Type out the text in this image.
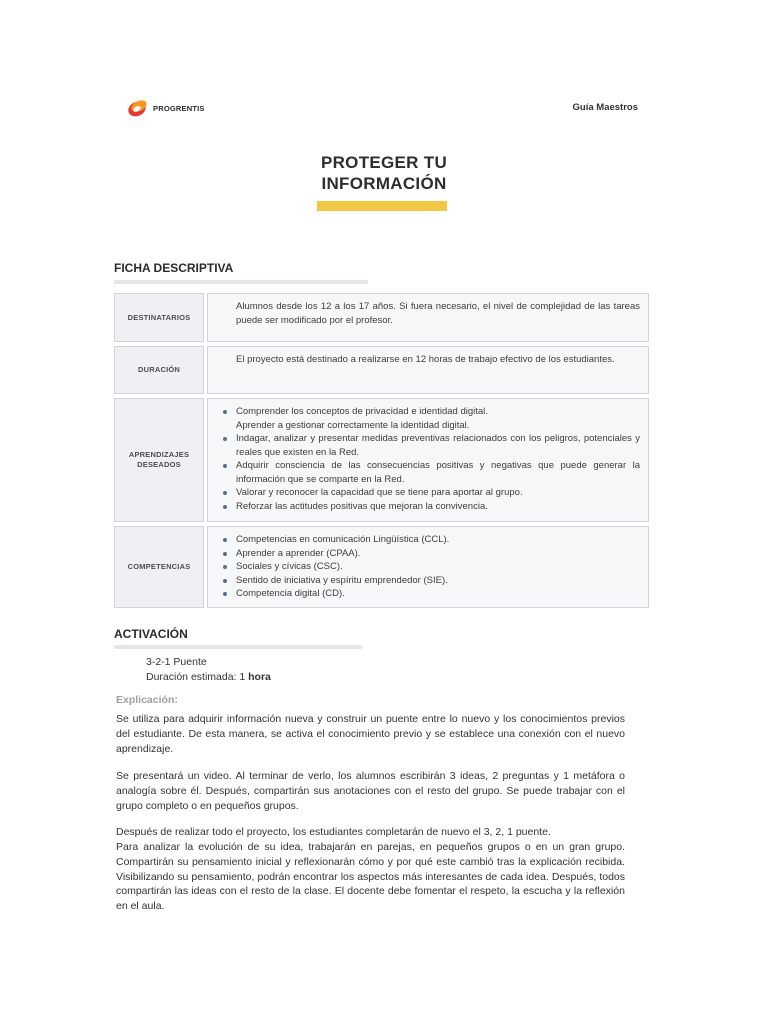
PROGRENTIS	Guía Maestros
PROTEGER TU
INFORMACIÓN
FICHA DESCRIPTIVA
DESTINATARIOS
Alumnos desde los 12 a los 17 años. Si fuera necesario, el nivel de complejidad de las tareas puede ser modificado por el profesor.
DURACIÓN
El proyecto está destinado a realizarse en 12 horas de trabajo efectivo de los estudiantes.
APRENDIZAJES
DESEADOS
Comprender los conceptos de privacidad e identidad digital.
Aprender a gestionar correctamente la identidad digital.
Indagar, analizar y presentar medidas preventivas relacionados con los peligros, potenciales y reales que existen en la Red.
Adquirir consciencia de las consecuencias positivas y negativas que puede generar la información que se comparte en la Red.
Valorar y reconocer la capacidad que se tiene para aportar al grupo.
Reforzar las actitudes positivas que mejoran la convivencia.
COMPETENCIAS
Competencias en comunicación Lingüística (CCL).
Aprender a aprender (CPAA).
Sociales y cívicas (CSC).
Sentido de iniciativa y espíritu emprendedor (SIE).
Competencia digital (CD).
ACTIVACIÓN
3-2-1 Puente
Duración estimada: 1 hora
Explicación:

Se utiliza para adquirir información nueva y construir un puente entre lo nuevo y los conocimientos previos del estudiante. De esta manera, se activa el conocimiento previo y se establece una conexión con el nuevo aprendizaje.

Se presentará un video. Al terminar de verlo, los alumnos escribirán 3 ideas, 2 preguntas y 1 metáfora o analogía sobre él. Después, compartirán sus anotaciones con el resto del grupo. Se puede trabajar con el grupo completo o en pequeños grupos.

Después de realizar todo el proyecto, los estudiantes completarán de nuevo el 3, 2, 1 puente.

Para analizar la evolución de su idea, trabajarán en parejas, en pequeños grupos o en un gran grupo. Compartirán su pensamiento inicial y reflexionarán cómo y por qué este cambió tras la explicación recibida. Visibilizando su pensamiento, podrán encontrar los aspectos más interesantes de cada idea. Después, todos compartirán las ideas con el resto de la clase. El docente debe fomentar el respeto, la escucha y la reflexión en el aula.
